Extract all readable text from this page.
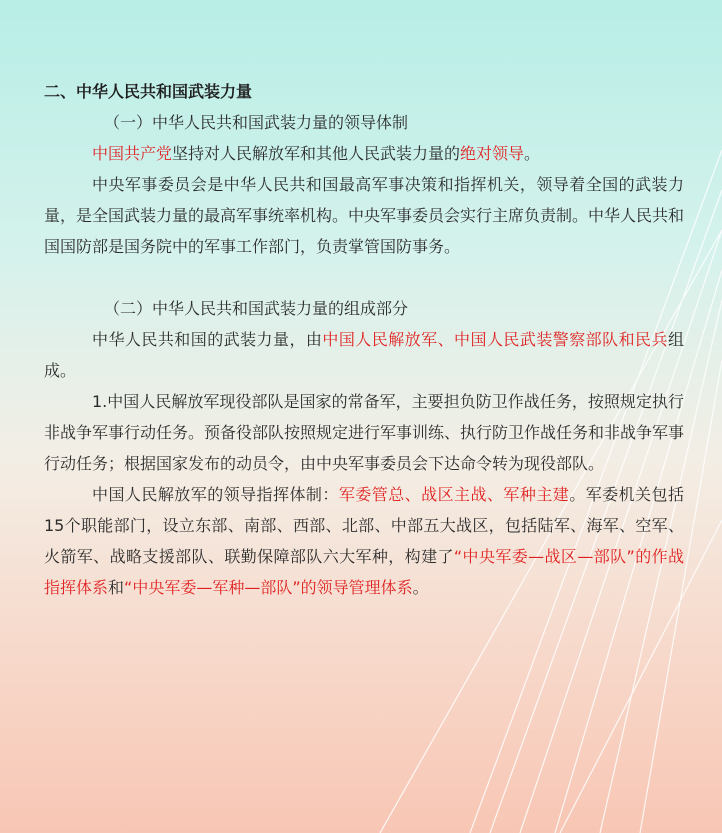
二、中华人民共和国武装力量

（一）中华人民共和国武装力量的领导体制

中国共产党坚持对人民解放军和其他人民武装力量的绝对领导。

中央军事委员会是中华人民共和国最高军事决策和指挥机关，领导着全国的武装力量，是全国武装力量的最高军事统率机构。中央军事委员会实行主席负责制。中华人民共和国国防部是国务院中的军事工作部门，负责掌管国防事务。

（二）中华人民共和国武装力量的组成部分

中华人民共和国的武装力量，由中国人民解放军、中国人民武装警察部队和民兵组成。

1.中国人民解放军现役部队是国家的常备军，主要担负防卫作战任务，按照规定执行非战争军事行动任务。预备役部队按照规定进行军事训练、执行防卫作战任务和非战争军事行动任务；根据国家发布的动员令，由中央军事委员会下达命令转为现役部队。

中国人民解放军的领导指挥体制：军委管总、战区主战、军种主建。军委机关包括15个职能部门，设立东部、南部、西部、北部、中部五大战区，包括陆军、海军、空军、火箭军、战略支援部队、联勤保障部队六大军种，构建了“中央军委—战区—部队”的作战指挥体系和“中央军委—军种—部队”的领导管理体系。
